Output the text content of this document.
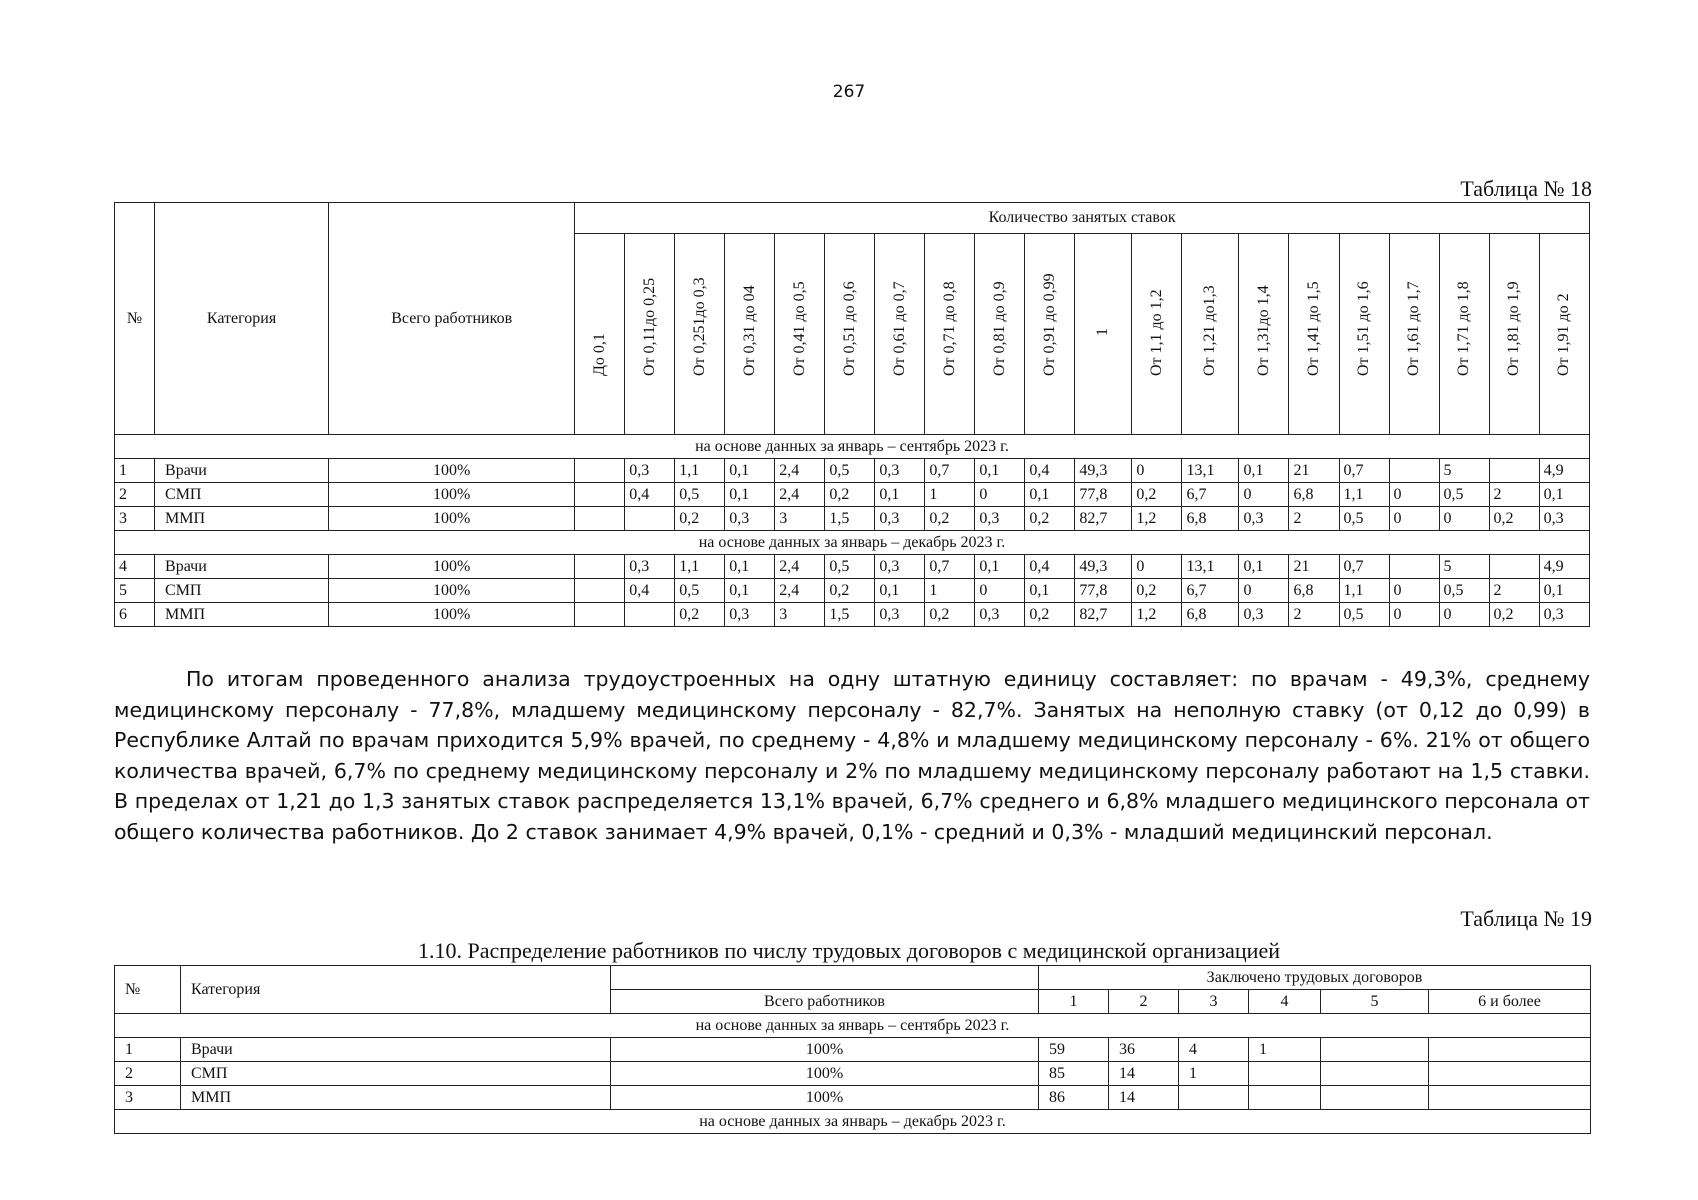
267
Таблица № 18
№	Категория	Всего работников	Количество занятых ставок																			

			До 0,1	От 0,11до 0,25	От 0,251до 0,3	От 0,31 до 04	От 0,41 до 0,5	От 0,51 до 0,6	От 0,61 до 0,7	От 0,71 до 0,8	От 0,81 до 0,9	От 0,91 до 0,99	1	От 1,1 до 1,2	От 1,21 до1,3	От 1,31до 1,4	От 1,41 до 1,5	От 1,51 до 1,6	От 1,61 до 1,7	От 1,71 до 1,8	От 1,81 до 1,9	От 1,91 до 2

на основе данных за январь – сентябрь 2023 г.																						
1	Врачи	100%		0,3	1,1	0,1	2,4	0,5	0,3	0,7	0,1	0,4	49,3	0	13,1	0,1	21	0,7		5		4,9
2	СМП	100%		0,4	0,5	0,1	2,4	0,2	0,1	1	0	0,1	77,8	0,2	6,7	0	6,8	1,1	0	0,5	2	0,1
3	ММП	100%			0,2	0,3	3	1,5	0,3	0,2	0,3	0,2	82,7	1,2	6,8	0,3	2	0,5	0	0	0,2	0,3
на основе данных за январь – декабрь 2023 г.																						
4	Врачи	100%		0,3	1,1	0,1	2,4	0,5	0,3	0,7	0,1	0,4	49,3	0	13,1	0,1	21	0,7		5		4,9
5	СМП	100%		0,4	0,5	0,1	2,4	0,2	0,1	1	0	0,1	77,8	0,2	6,7	0	6,8	1,1	0	0,5	2	0,1
6	ММП	100%			0,2	0,3	3	1,5	0,3	0,2	0,3	0,2	82,7	1,2	6,8	0,3	2	0,5	0	0	0,2	0,3

По итогам проведенного анализа трудоустроенных на одну штатную единицу составляет: по врачам - 49,3%, среднему медицинскому персоналу - 77,8%, младшему медицинскому персоналу - 82,7%. Занятых на неполную ставку (от 0,12 до 0,99) в Республике Алтай по врачам приходится 5,9% врачей, по среднему - 4,8% и младшему медицинскому персоналу - 6%. 21% от общего количества врачей, 6,7% по среднему медицинскому персоналу и 2% по младшему медицинскому персоналу работают на 1,5 ставки. В пределах от 1,21 до 1,3 занятых ставок распределяется 13,1% врачей, 6,7% среднего и 6,8% младшего медицинского персонала от общего количества работников. До 2 ставок занимает 4,9% врачей, 0,1% - средний и 0,3% - младший медицинский персонал.

Таблица № 19
1.10. Распределение работников по числу трудовых договоров с медицинской организацией
№	Категория		Заключено трудовых договоров					
		Всего работников	1	2	3	4	5	6 и более
на основе данных за январь – сентябрь 2023 г.								
1	Врачи	100%	59	36	4	1		
2	СМП	100%	85	14	1			
3	ММП	100%	86	14				
на основе данных за январь – декабрь 2023 г.								
